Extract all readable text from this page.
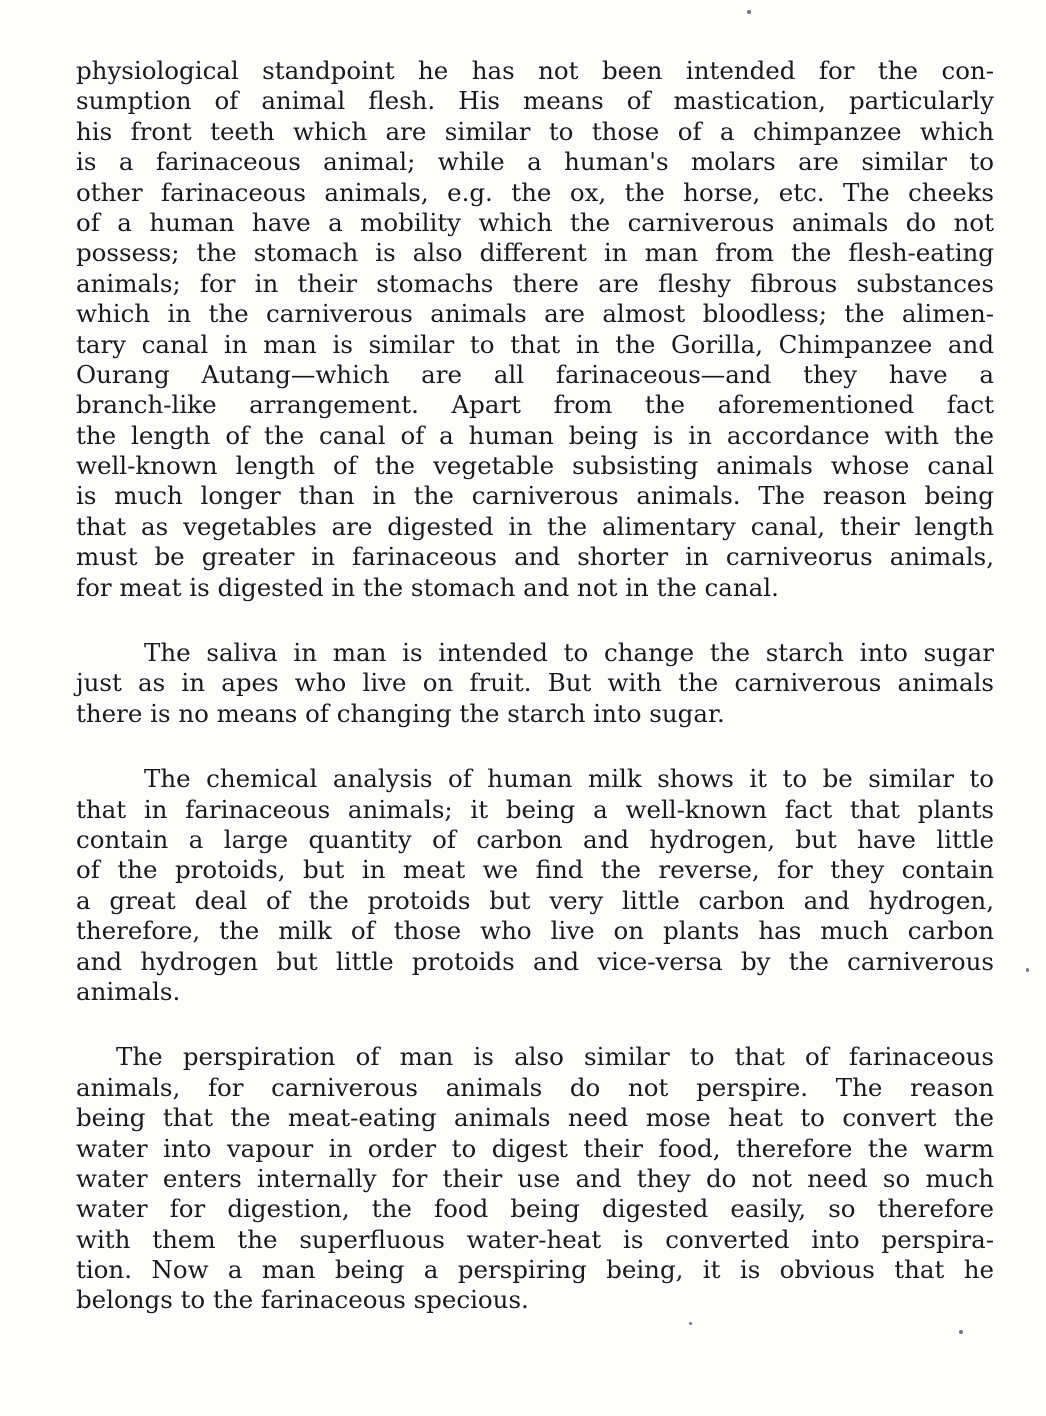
physiological standpoint he has not been intended for the con-
sumption of animal flesh. His means of mastication, particularly
his front teeth which are similar to those of a chimpanzee which
is a farinaceous animal; while a human's molars are similar to
other farinaceous animals, e.g. the ox, the horse, etc. The cheeks
of a human have a mobility which the carniverous animals do not
possess; the stomach is also different in man from the flesh-eating
animals; for in their stomachs there are fleshy fibrous substances
which in the carniverous animals are almost bloodless; the alimen-
tary canal in man is similar to that in the Gorilla, Chimpanzee and
Ourang Autang—which are all farinaceous—and they have a
branch-like arrangement. Apart from the aforementioned fact
the length of the canal of a human being is in accordance with the
well-known length of the vegetable subsisting animals whose canal
is much longer than in the carniverous animals. The reason being
that as vegetables are digested in the alimentary canal, their length
must be greater in farinaceous and shorter in carniveorus animals,
for meat is digested in the stomach and not in the canal.
The saliva in man is intended to change the starch into sugar
just as in apes who live on fruit. But with the carniverous animals
there is no means of changing the starch into sugar.
The chemical analysis of human milk shows it to be similar to
that in farinaceous animals; it being a well-known fact that plants
contain a large quantity of carbon and hydrogen, but have little
of the protoids, but in meat we find the reverse, for they contain
a great deal of the protoids but very little carbon and hydrogen,
therefore, the milk of those who live on plants has much carbon
and hydrogen but little protoids and vice-versa by the carniverous
animals.
The perspiration of man is also similar to that of farinaceous
animals, for carniverous animals do not perspire. The reason
being that the meat-eating animals need mose heat to convert the
water into vapour in order to digest their food, therefore the warm
water enters internally for their use and they do not need so much
water for digestion, the food being digested easily, so therefore
with them the superfluous water-heat is converted into perspira-
tion. Now a man being a perspiring being, it is obvious that he
belongs to the farinaceous specious.
